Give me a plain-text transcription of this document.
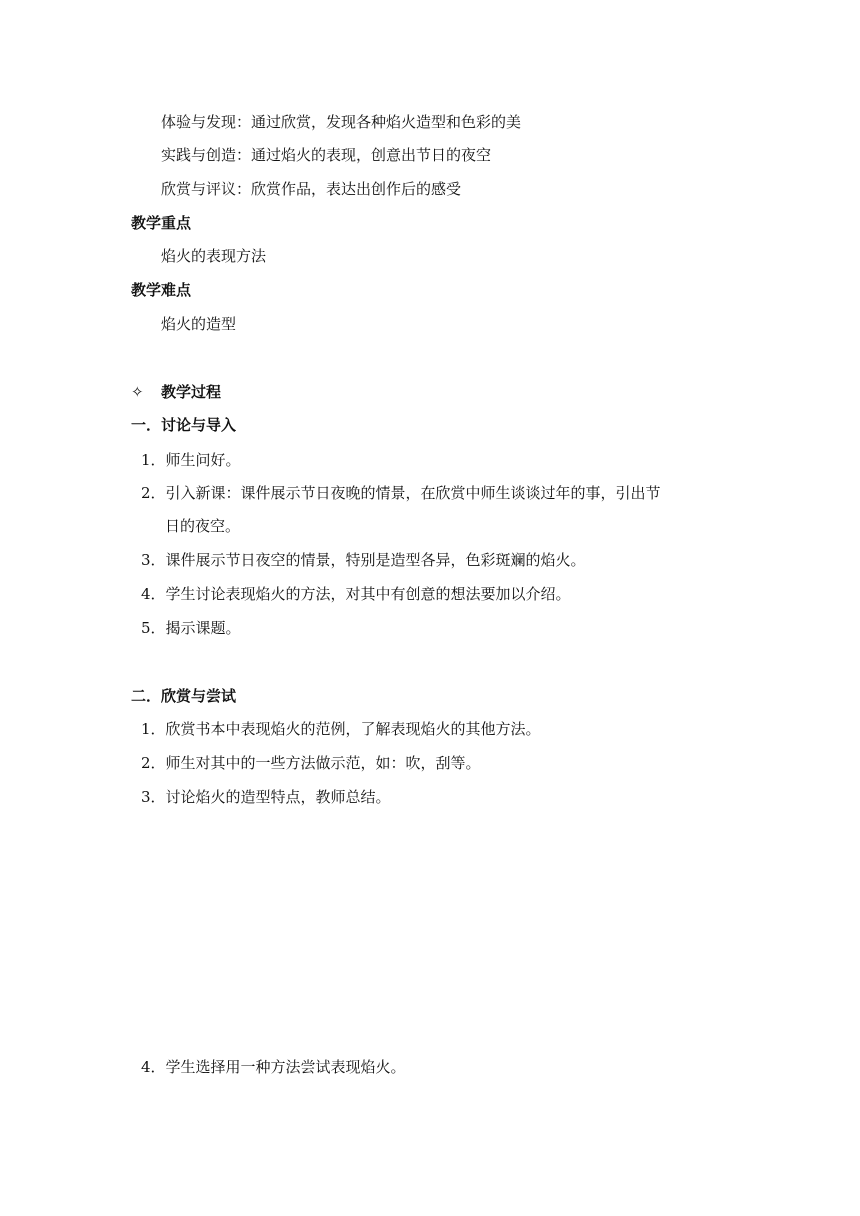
体验与发现：通过欣赏，发现各种焰火造型和色彩的美
实践与创造：通过焰火的表现，创意出节日的夜空
欣赏与评议：欣赏作品，表达出创作后的感受
教学重点
焰火的表现方法
教学难点
焰火的造型
✧ 教学过程
一．讨论与导入
1．师生问好。
2．引入新课：课件展示节日夜晚的情景，在欣赏中师生谈谈过年的事，引出节
日的夜空。
3．课件展示节日夜空的情景，特别是造型各异，色彩斑斓的焰火。
4．学生讨论表现焰火的方法，对其中有创意的想法要加以介绍。
5．揭示课题。
二．欣赏与尝试
1．欣赏书本中表现焰火的范例，了解表现焰火的其他方法。
2．师生对其中的一些方法做示范，如：吹，刮等。
3．讨论焰火的造型特点，教师总结。
4．学生选择用一种方法尝试表现焰火。
